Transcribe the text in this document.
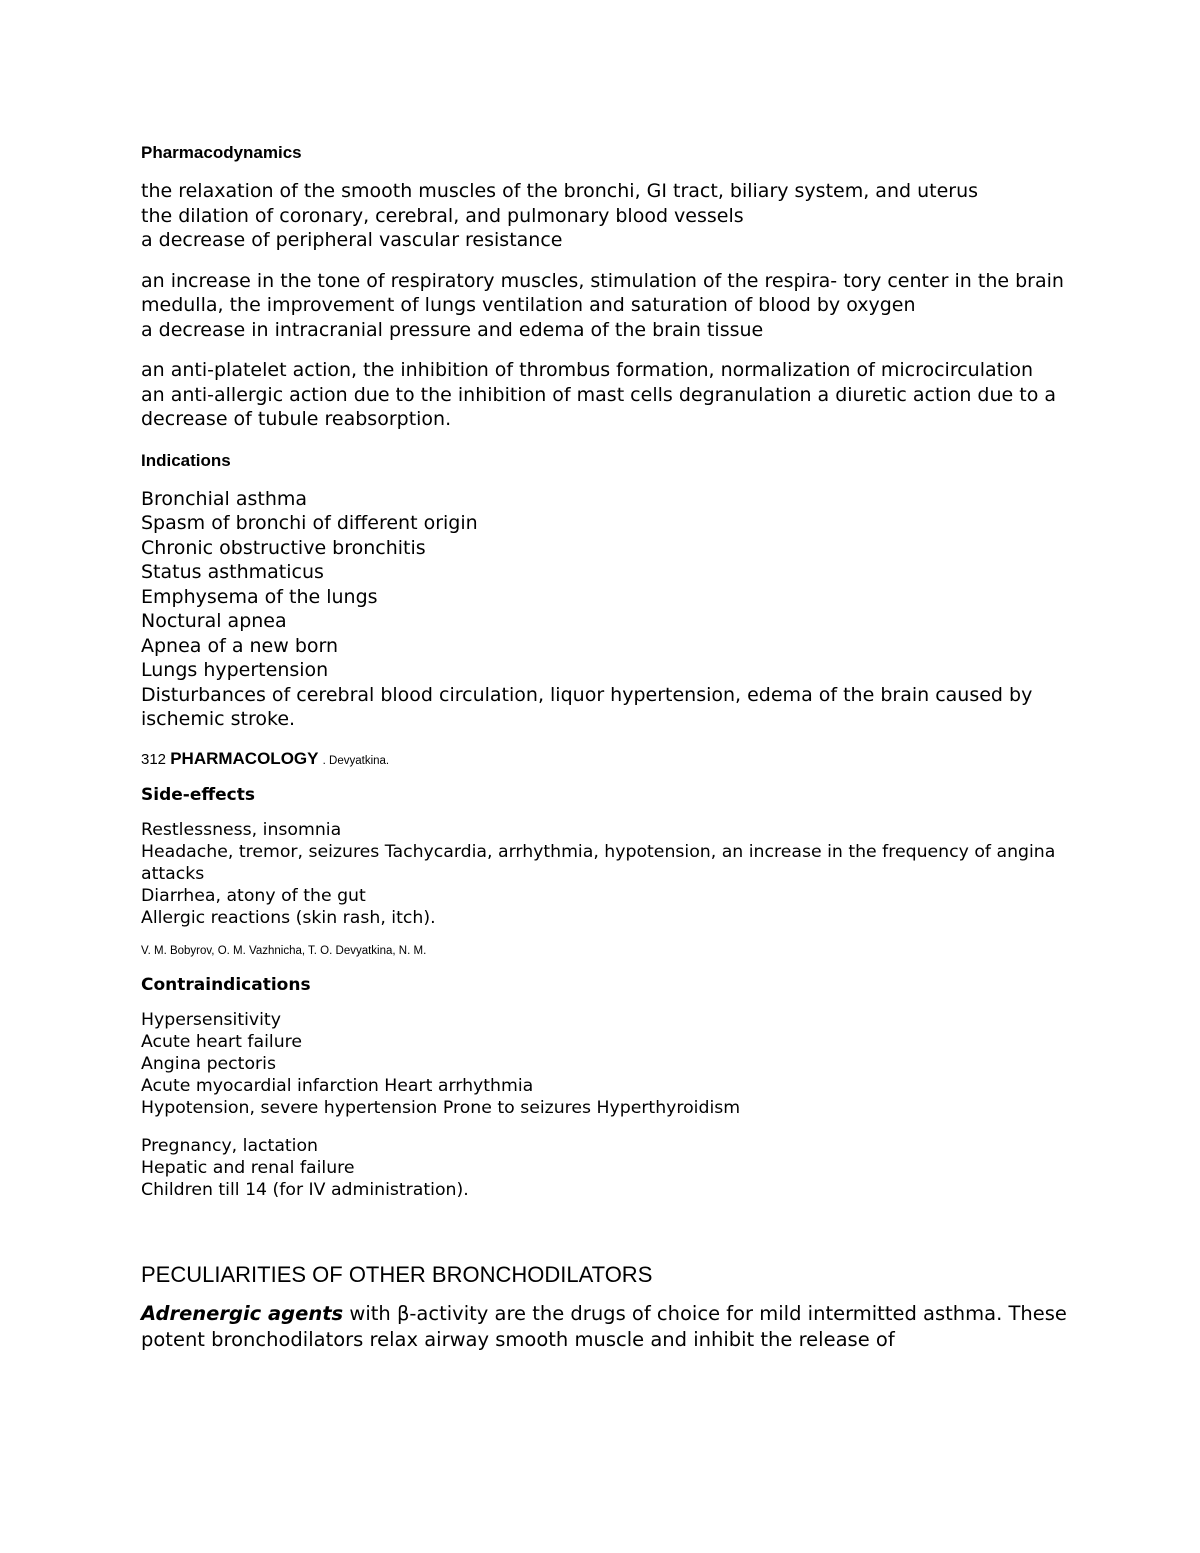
Pharmacodynamics
the relaxation of the smooth muscles of the bronchi, GI tract, biliary system, and uterus
the dilation of coronary, cerebral, and pulmonary blood vessels
a decrease of peripheral vascular resistance
an increase in the tone of respiratory muscles, stimulation of the respira- tory center in the brain medulla, the improvement of lungs ventilation and saturation of blood by oxygen
a decrease in intracranial pressure and edema of the brain tissue
an anti-platelet action, the inhibition of thrombus formation, normalization of microcirculation
an anti-allergic action due to the inhibition of mast cells degranulation a diuretic action due to a decrease of tubule reabsorption.
Indications
Bronchial asthma
Spasm of bronchi of different origin
Chronic obstructive bronchitis
Status asthmaticus
Emphysema of the lungs
Noctural apnea
Apnea of a new born
Lungs hypertension
Disturbances of cerebral blood circulation, liquor hypertension, edema of the brain caused by ischemic stroke.
312 PHARMACOLOGY . Devyatkina.
Side-effects
Restlessness, insomnia
Headache, tremor, seizures Tachycardia, arrhythmia, hypotension, an increase in the frequency of angina attacks
Diarrhea, atony of the gut
Allergic reactions (skin rash, itch).
V. M. Bobyrov, O. M. Vazhnicha, T. O. Devyatkina, N. M.
Contraindications
Hypersensitivity
Acute heart failure
Angina pectoris
Acute myocardial infarction Heart arrhythmia
Hypotension, severe hypertension Prone to seizures Hyperthyroidism
Pregnancy, lactation
Hepatic and renal failure
Children till 14 (for IV administration).
PECULIARITIES OF OTHER BRONCHODILATORS
Adrenergic agents with β-activity are the drugs of choice for mild intermitted asthma. These potent bronchodilators relax airway smooth muscle and inhibit the release of
